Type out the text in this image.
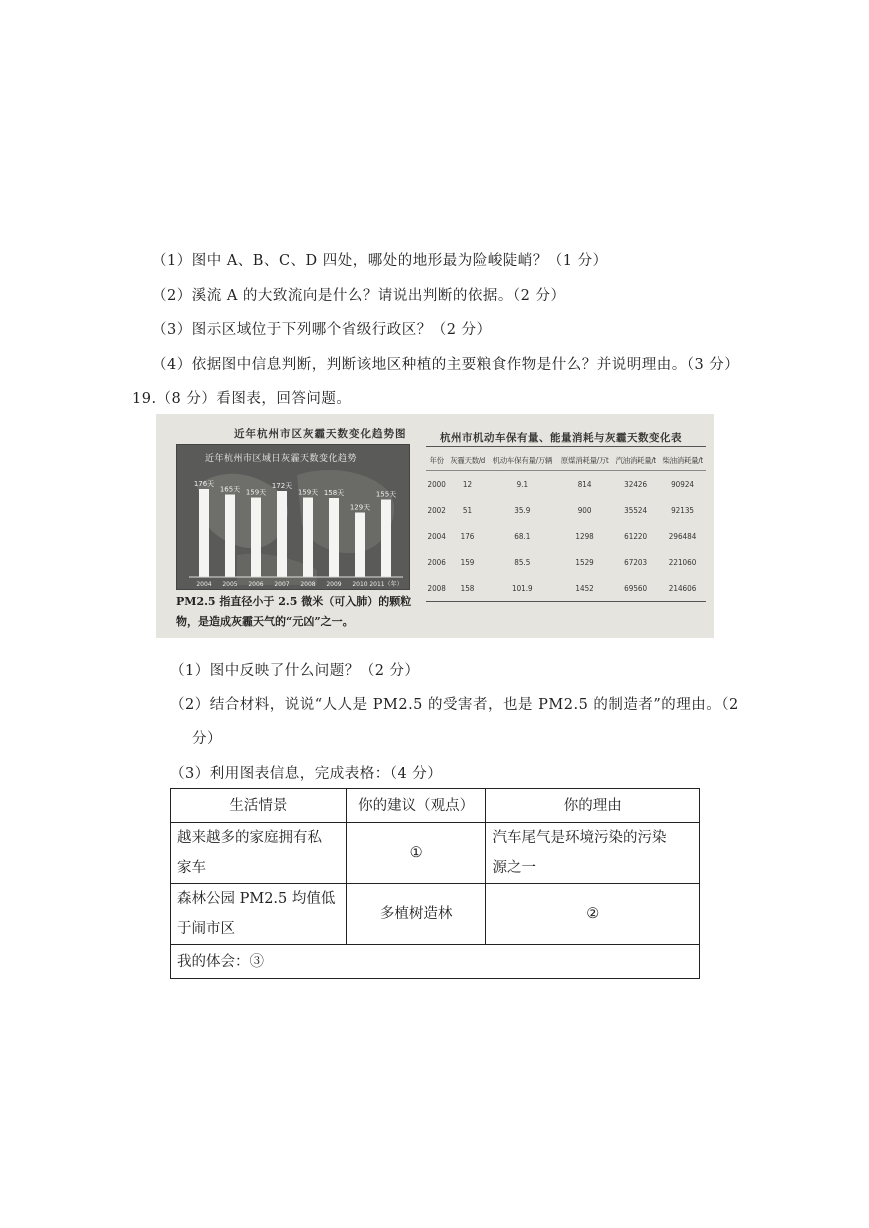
（1）图中 A、B、C、D 四处，哪处的地形最为险峻陡峭？（1 分）
（2）溪流 A 的大致流向是什么？请说出判断的依据。（2 分）
（3）图示区域位于下列哪个省级行政区？（2 分）
（4）依据图中信息判断，判断该地区种植的主要粮食作物是什么？并说明理由。（3 分）
19.（8 分）看图表，回答问题。
近年杭州市区灰霾天数变化趋势图
176天
2004
165天
2005
159天
2006
172天
2007
159天
2008
158天
2009
129天
2010
155天
2011（年）
近年杭州市区域日灰霾天数变化趋势
PM2.5 指直径小于 2.5 微米（可入肺）的颗粒物，是造成灰霾天气的“元凶”之一。
杭州市机动车保有量、能量消耗与灰霾天数变化表
年份	灰霾天数/d	机动车保有量/万辆	原煤消耗量/万t	汽油消耗量/t	柴油消耗量/t
2000	12	9.1	814	32426	90924
2002	51	35.9	900	35524	92135
2004	176	68.1	1298	61220	296484
2006	159	85.5	1529	67203	221060
2008	158	101.9	1452	69560	214606
（1）图中反映了什么问题？（2 分）
（2）结合材料，说说“人人是 PM2.5 的受害者，也是 PM2.5 的制造者”的理由。（2
分）
（3）利用图表信息，完成表格：（4 分）
生活情景	你的建议（观点）	你的理由
越来越多的家庭拥有私
家车	①	汽车尾气是环境污染的污染
源之一
森林公园 PM2.5 均值低
于闹市区	多植树造林	②
我的体会：③		
